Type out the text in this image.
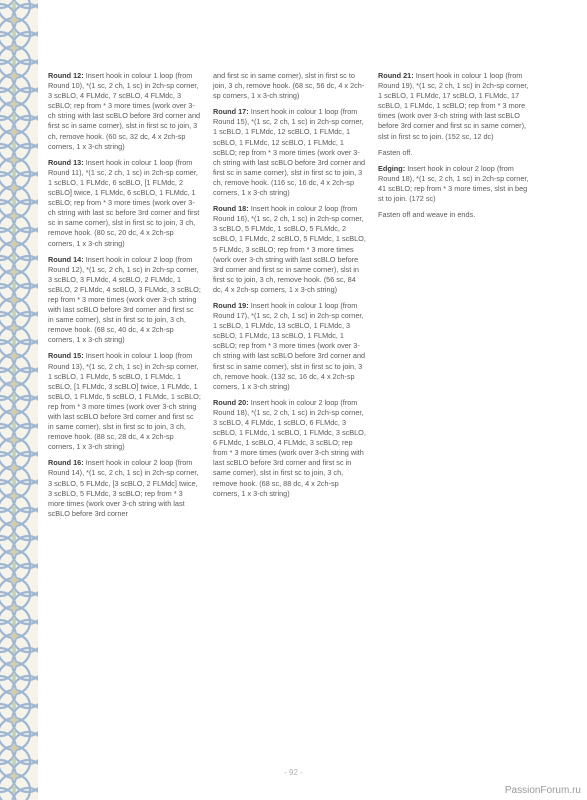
Round 12: Insert hook in colour 1 loop (from Round 10), *(1 sc, 2 ch, 1 sc) in 2ch-sp corner, 3 scBLO, 4 FLMdc, 7 scBLO, 4 FLMdc, 3 scBLO; rep from * 3 more times (work over 3-ch string with last scBLO before 3rd corner and first sc in same corner), slst in first sc to join, 3 ch, remove hook. (60 sc, 32 dc, 4 x 2ch-sp corners, 1 x 3-ch string)

Round 13: Insert hook in colour 1 loop (from Round 11), *(1 sc, 2 ch, 1 sc) in 2ch-sp corner, 1 scBLO, 1 FLMdc, 6 scBLO, [1 FLMdc, 2 scBLO] twice, 1 FLMdc, 6 scBLO, 1 FLMdc, 1 scBLO; rep from * 3 more times (work over 3-ch string with last sc before 3rd corner and first sc in same corner), slst in first sc to join, 3 ch, remove hook. (80 sc, 20 dc, 4 x 2ch-sp corners, 1 x 3-ch string)

Round 14: Insert hook in colour 2 loop (from Round 12), *(1 sc, 2 ch, 1 sc) in 2ch-sp corner, 3 scBLO, 3 FLMdc, 4 scBLO, 2 FLMdc, 1 scBLO, 2 FLMdc, 4 scBLO, 3 FLMdc, 3 scBLO; rep from * 3 more times (work over 3-ch string with last scBLO before 3rd corner and first sc in same corner), slst in first sc to join, 3 ch, remove hook. (68 sc, 40 dc, 4 x 2ch-sp corners, 1 x 3-ch string)

Round 15: Insert hook in colour 1 loop (from Round 13), *(1 sc, 2 ch, 1 sc) in 2ch-sp corner, 1 scBLO, 1 FLMdc, 5 scBLO, 1 FLMdc, 1 scBLO, [1 FLMdc, 3 scBLO] twice, 1 FLMdc, 1 scBLO, 1 FLMdc, 5 scBLO, 1 FLMdc, 1 scBLO; rep from * 3 more times (work over 3-ch string with last scBLO before 3rd corner and first sc in same corner), slst in first sc to join, 3 ch, remove hook. (88 sc, 28 dc, 4 x 2ch-sp corners, 1 x 3-ch string)

Round 16: Insert hook in colour 2 loop (from Round 14), *(1 sc, 2 ch, 1 sc) in 2ch-sp corner, 3 scBLO, 5 FLMdc, [3 scBLO, 2 FLMdc] twice, 3 scBLO, 5 FLMdc, 3 scBLO; rep from * 3 more times (work over 3-ch string with last scBLO before 3rd corner

and first sc in same corner), slst in first sc to join, 3 ch, remove hook. (68 sc, 56 dc, 4 x 2ch-sp corners, 1 x 3-ch string)

Round 17: Insert hook in colour 1 loop (from Round 15), *(1 sc, 2 ch, 1 sc) in 2ch-sp corner, 1 scBLO, 1 FLMdc, 12 scBLO, 1 FLMdc, 1 scBLO, 1 FLMdc, 12 scBLO, 1 FLMdc, 1 scBLO; rep from * 3 more times (work over 3-ch string with last scBLO before 3rd corner and first sc in same corner), slst in first sc to join, 3 ch, remove hook. (116 sc, 16 dc, 4 x 2ch-sp corners, 1 x 3-ch string)

Round 18: Insert hook in colour 2 loop (from Round 16), *(1 sc, 2 ch, 1 sc) in 2ch-sp corner, 3 scBLO, 5 FLMdc, 1 scBLO, 5 FLMdc, 2 scBLO, 1 FLMdc, 2 scBLO, 5 FLMdc, 1 scBLO, 5 FLMdc, 3 scBLO; rep from * 3 more times (work over 3-ch string with last scBLO before 3rd corner and first sc in same corner), slst in first sc to join, 3 ch, remove hook. (56 sc, 84 dc, 4 x 2ch-sp corners, 1 x 3-ch string)

Round 19: Insert hook in colour 1 loop (from Round 17), *(1 sc, 2 ch, 1 sc) in 2ch-sp corner, 1 scBLO, 1 FLMdc, 13 scBLO, 1 FLMdc, 3 scBLO, 1 FLMdc, 13 scBLO, 1 FLMdc, 1 scBLO; rep from * 3 more times (work over 3-ch string with last scBLO before 3rd corner and first sc in same corner), slst in first sc to join, 3 ch, remove hook. (132 sc, 16 dc, 4 x 2ch-sp corners, 1 x 3-ch string)

Round 20: Insert hook in colour 2 loop (from Round 18), *(1 sc, 2 ch, 1 sc) in 2ch-sp corner, 3 scBLO, 4 FLMdc, 1 scBLO, 6 FLMdc, 3 scBLO, 1 FLMdc, 1 scBLO, 1 FLMdc, 3 scBLO, 6 FLMdc, 1 scBLO, 4 FLMdc, 3 scBLO; rep from * 3 more times (work over 3-ch string with last scBLO before 3rd corner and first sc in same corner), slst in first sc to join, 3 ch, remove hook. (68 sc, 88 dc, 4 x 2ch-sp corners, 1 x 3-ch string)

Round 21: Insert hook in colour 1 loop (from Round 19), *(1 sc, 2 ch, 1 sc) in 2ch-sp corner, 1 scBLO, 1 FLMdc, 17 scBLO, 1 FLMdc, 17 scBLO, 1 FLMdc, 1 scBLO; rep from * 3 more times (work over 3-ch string with last scBLO before 3rd corner and first sc in same corner), slst in first sc to join. (152 sc, 12 dc)

Fasten off.

Edging: Insert hook in colour 2 loop (from Round 18), *(1 sc, 2 ch, 1 sc) in 2ch-sp corner, 41 scBLO; rep from * 3 more times, slst in beg st to join. (172 sc)

Fasten off and weave in ends.

- 92 -
PassionForum.ru
